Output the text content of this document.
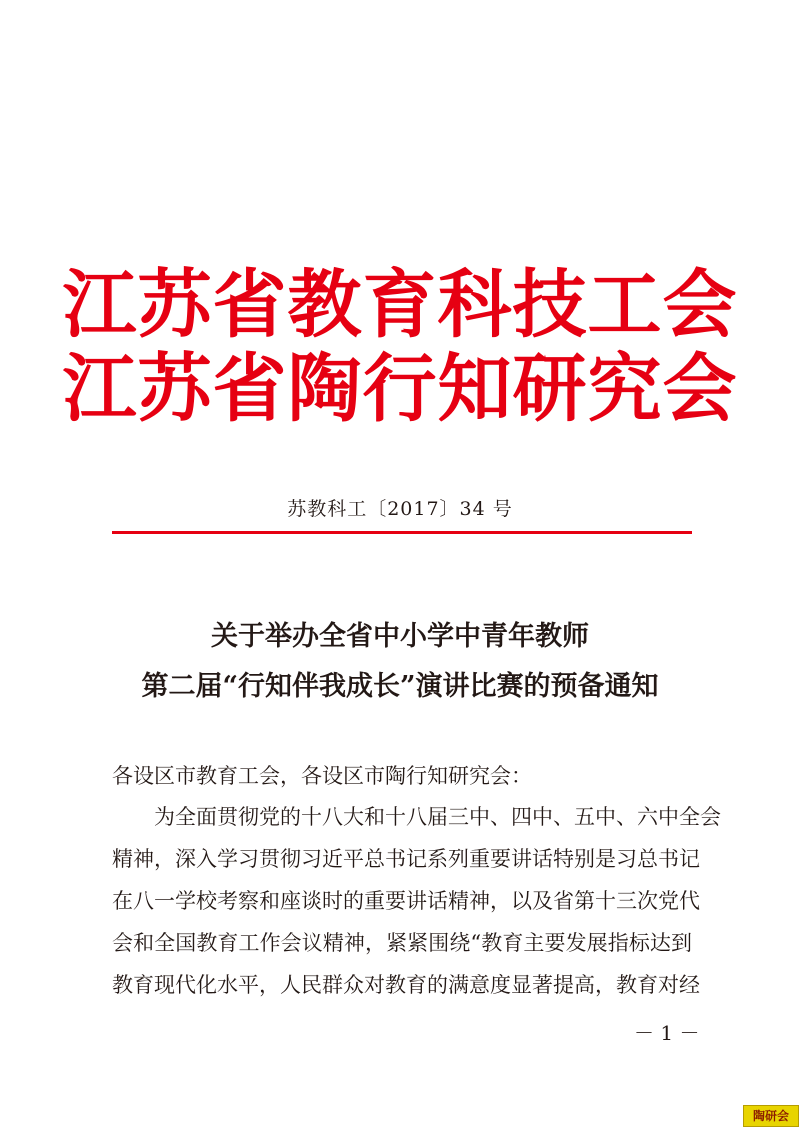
江苏省教育科技工会
江苏省陶行知研究会
苏教科工〔2017〕34 号
关于举办全省中小学中青年教师
第二届“行知伴我成长”演讲比赛的预备通知
各设区市教育工会，各设区市陶行知研究会：
　　为全面贯彻党的十八大和十八届三中、四中、五中、六中全会
精神，深入学习贯彻习近平总书记系列重要讲话特别是习总书记
在八一学校考察和座谈时的重要讲话精神，以及省第十三次党代
会和全国教育工作会议精神，紧紧围绕“教育主要发展指标达到
教育现代化水平，人民群众对教育的满意度显著提高，教育对经
－ 1 －
陶研会
